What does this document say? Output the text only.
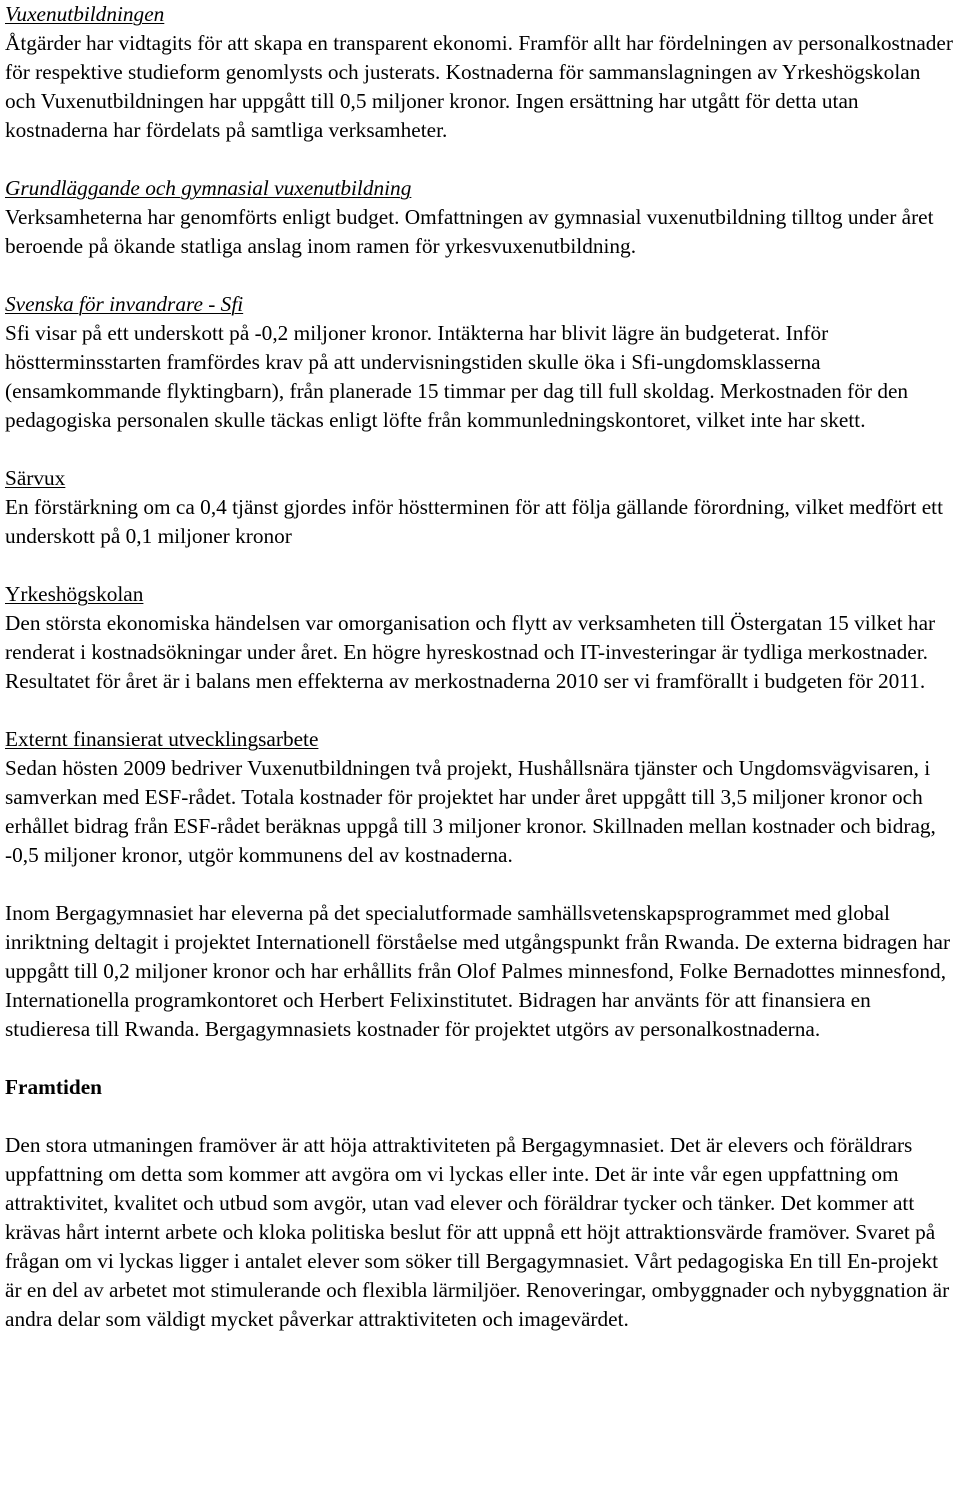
Vuxenutbildningen

Åtgärder har vidtagits för att skapa en transparent ekonomi. Framför allt har fördelningen av personalkostnader för respektive studieform genomlysts och justerats. Kostnaderna för sammanslagningen av Yrkeshögskolan och Vuxenutbildningen har uppgått till 0,5 miljoner kronor. Ingen ersättning har utgått för detta utan kostnaderna har fördelats på samtliga verksamheter.

Grundläggande och gymnasial vuxenutbildning

Verksamheterna har genomförts enligt budget. Omfattningen av gymnasial vuxenutbildning tilltog under året beroende på ökande statliga anslag inom ramen för yrkesvuxenutbildning.

Svenska för invandrare - Sfi

Sfi visar på ett underskott på -0,2 miljoner kronor. Intäkterna har blivit lägre än budgeterat. Inför höstterminsstarten framfördes krav på att undervisningstiden skulle öka i Sfi-ungdomsklasserna (ensamkommande flyktingbarn), från planerade 15 timmar per dag till full skoldag. Merkostnaden för den pedagogiska personalen skulle täckas enligt löfte från kommunledningskontoret, vilket inte har skett.

Särvux

En förstärkning om ca 0,4 tjänst gjordes inför höstterminen för att följa gällande förordning, vilket medfört ett underskott på 0,1 miljoner kronor

Yrkeshögskolan

Den största ekonomiska händelsen var omorganisation och flytt av verksamheten till Östergatan 15 vilket har renderat i kostnadsökningar under året. En högre hyreskostnad och IT-investeringar är tydliga merkostnader. Resultatet för året är i balans men effekterna av merkostnaderna 2010 ser vi framförallt i budgeten för 2011.

Externt finansierat utvecklingsarbete

Sedan hösten 2009 bedriver Vuxenutbildningen två projekt, Hushållsnära tjänster och Ungdomsvägvisaren, i samverkan med ESF-rådet. Totala kostnader för projektet har under året uppgått till 3,5 miljoner kronor och erhållet bidrag från ESF-rådet beräknas uppgå till 3 miljoner kronor. Skillnaden mellan kostnader och bidrag, -0,5 miljoner kronor, utgör kommunens del av kostnaderna.

Inom Bergagymnasiet har eleverna på det specialutformade samhällsvetenskapsprogrammet med global inriktning deltagit i projektet Internationell förståelse med utgångspunkt från Rwanda. De externa bidragen har uppgått till 0,2 miljoner kronor och har erhållits från Olof Palmes minnesfond, Folke Bernadottes minnesfond, Internationella programkontoret och Herbert Felixinstitutet. Bidragen har använts för att finansiera en studieresa till Rwanda. Bergagymnasiets kostnader för projektet utgörs av personalkostnaderna.

Framtiden

Den stora utmaningen framöver är att höja attraktiviteten på Bergagymnasiet. Det är elevers och föräldrars uppfattning om detta som kommer att avgöra om vi lyckas eller inte. Det är inte vår egen uppfattning om attraktivitet, kvalitet och utbud som avgör, utan vad elever och föräldrar tycker och tänker. Det kommer att krävas hårt internt arbete och kloka politiska beslut för att uppnå ett höjt attraktionsvärde framöver. Svaret på frågan om vi lyckas ligger i antalet elever som söker till Bergagymnasiet. Vårt pedagogiska En till En-projekt är en del av arbetet mot stimulerande och flexibla lärmiljöer. Renoveringar, ombyggnader och nybyggnation är andra delar som väldigt mycket påverkar attraktiviteten och imagevärdet.
